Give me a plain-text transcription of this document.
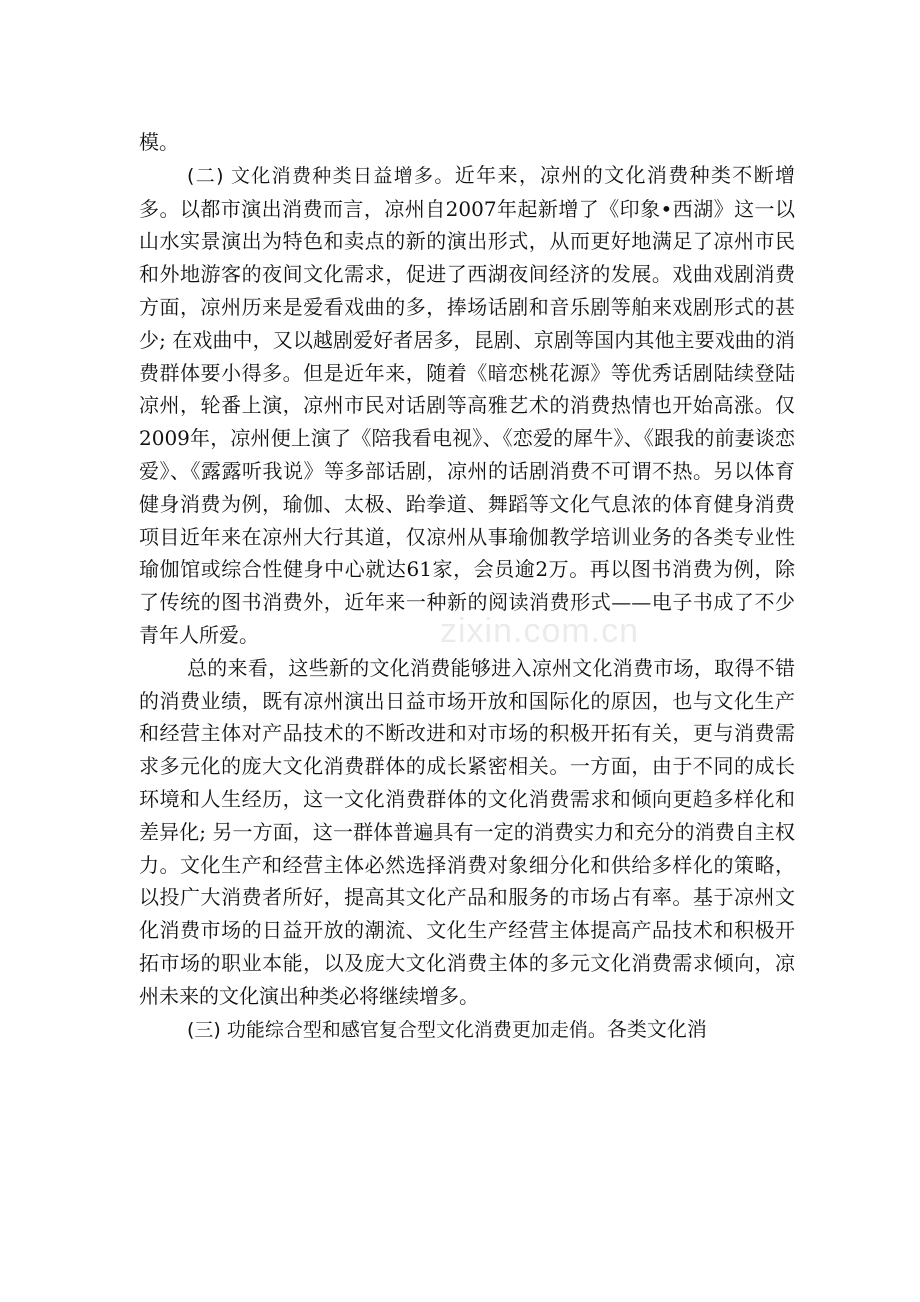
模。

(二) 文化消费种类日益增多。近年来，凉州的文化消费种类不断增多。以都市演出消费而言，凉州自2007年起新增了《印象•西湖》这一以山水实景演出为特色和卖点的新的演出形式，从而更好地满足了凉州市民和外地游客的夜间文化需求，促进了西湖夜间经济的发展。戏曲戏剧消费方面，凉州历来是爱看戏曲的多，捧场话剧和音乐剧等舶来戏剧形式的甚少; 在戏曲中，又以越剧爱好者居多，昆剧、京剧等国内其他主要戏曲的消费群体要小得多。但是近年来，随着《暗恋桃花源》等优秀话剧陆续登陆凉州，轮番上演，凉州市民对话剧等高雅艺术的消费热情也开始高涨。仅2009年，凉州便上演了《陪我看电视》、《恋爱的犀牛》、《跟我的前妻谈恋爱》、《露露听我说》等多部话剧，凉州的话剧消费不可谓不热。另以体育健身消费为例，瑜伽、太极、跆拳道、舞蹈等文化气息浓的体育健身消费项目近年来在凉州大行其道，仅凉州从事瑜伽教学培训业务的各类专业性瑜伽馆或综合性健身中心就达61家，会员逾2万。再以图书消费为例，除了传统的图书消费外，近年来一种新的阅读消费形式——电子书成了不少青年人所爱。

总的来看，这些新的文化消费能够进入凉州文化消费市场，取得不错的消费业绩，既有凉州演出日益市场开放和国际化的原因，也与文化生产和经营主体对产品技术的不断改进和对市场的积极开拓有关，更与消费需求多元化的庞大文化消费群体的成长紧密相关。一方面，由于不同的成长环境和人生经历，这一文化消费群体的文化消费需求和倾向更趋多样化和差异化; 另一方面，这一群体普遍具有一定的消费实力和充分的消费自主权力。文化生产和经营主体必然选择消费对象细分化和供给多样化的策略，以投广大消费者所好，提高其文化产品和服务的市场占有率。基于凉州文化消费市场的日益开放的潮流、文化生产经营主体提高产品技术和积极开拓市场的职业本能，以及庞大文化消费主体的多元文化消费需求倾向，凉州未来的文化演出种类必将继续增多。

(三) 功能综合型和感官复合型文化消费更加走俏。各类文化消

zixin.com.cn
